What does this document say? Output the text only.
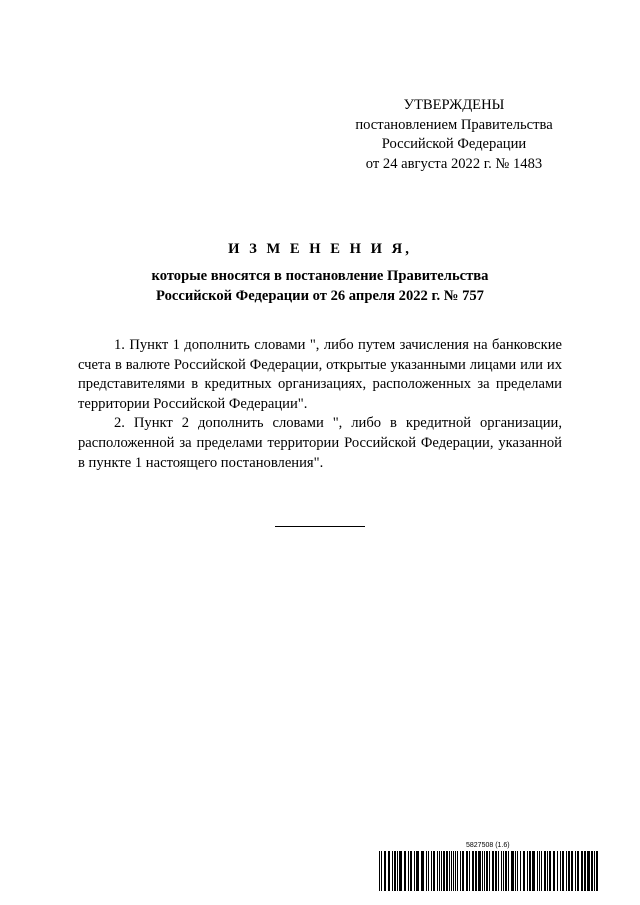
УТВЕРЖДЕНЫ
постановлением Правительства
Российской Федерации
от 24 августа 2022 г. № 1483
И З М Е Н Е Н И Я,
которые вносятся в постановление Правительства
Российской Федерации от 26 апреля 2022 г. № 757

1. Пункт 1 дополнить словами ", либо путем зачисления на банковские счета в валюте Российской Федерации, открытые указанными лицами или их представителями в кредитных организациях, расположенных за пределами территории Российской Федерации".

2. Пункт 2 дополнить словами ", либо в кредитной организации, расположенной за пределами территории Российской Федерации, указанной в пункте 1 настоящего постановления".

5827508 (1.6)
